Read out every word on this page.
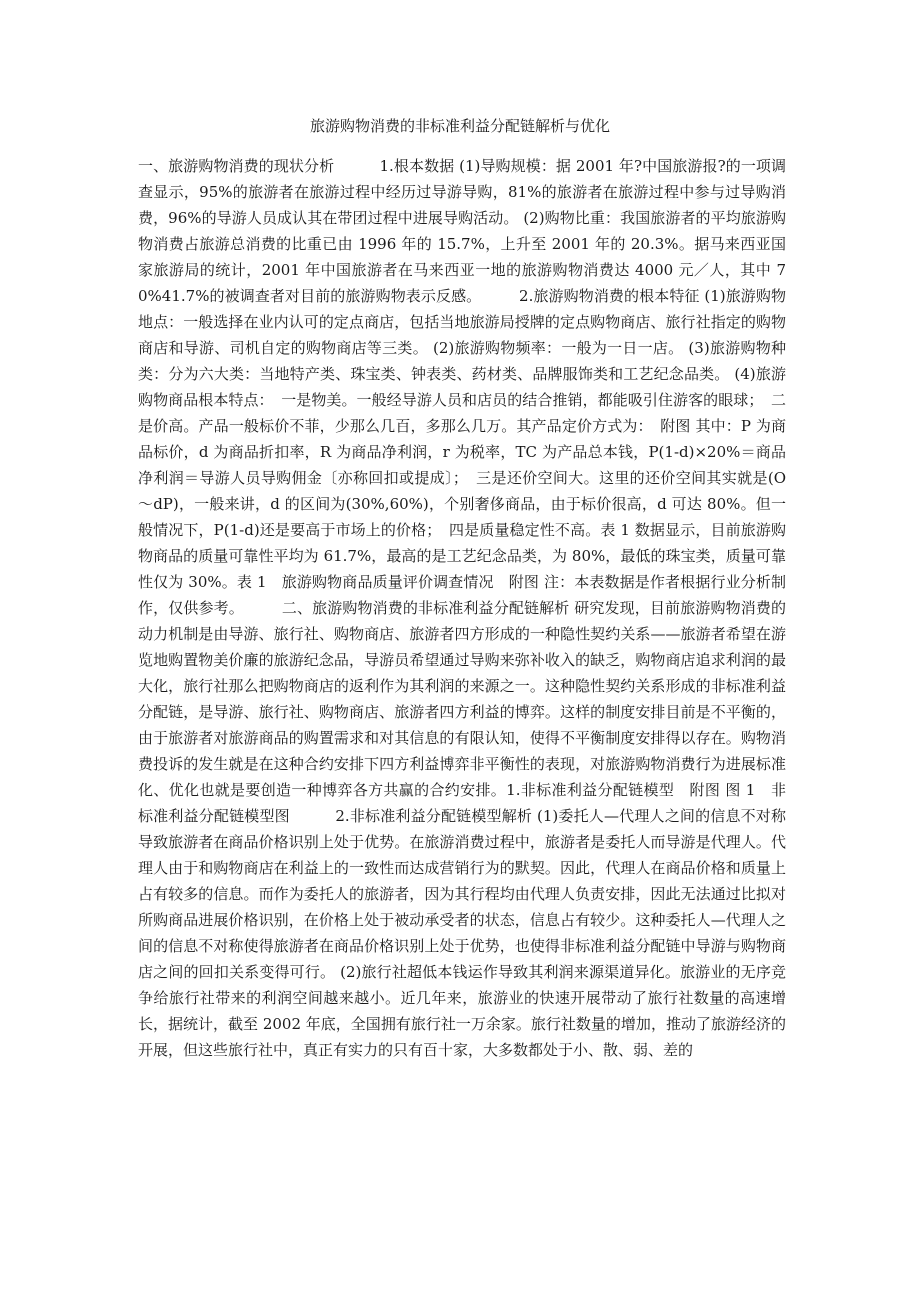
旅游购物消费的非标准利益分配链解析与优化

一、旅游购物消费的现状分析　　　1.根本数据 (1)导购规模：据 2001 年?中国旅游报?的一项调查显示，95%的旅游者在旅游过程中经历过导游导购，81%的旅游者在旅游过程中参与过导购消费，96%的导游人员成认其在带团过程中进展导购活动。 (2)购物比重：我国旅游者的平均旅游购物消费占旅游总消费的比重已由 1996 年的 15.7%，上升至 2001 年的 20.3%。据马来西亚国家旅游局的统计，2001 年中国旅游者在马来西亚一地的旅游购物消费达 4000 元／人，其中 70%41.7%的被调查者对目前的旅游购物表示反感。　　　2.旅游购物消费的根本特征 (1)旅游购物地点：一般选择在业内认可的定点商店，包括当地旅游局授牌的定点购物商店、旅行社指定的购物商店和导游、司机自定的购物商店等三类。 (2)旅游购物频率：一般为一日一店。 (3)旅游购物种类：分为六大类：当地特产类、珠宝类、钟表类、药材类、品牌服饰类和工艺纪念品类。 (4)旅游购物商品根本特点：　一是物美。一般经导游人员和店员的结合推销，都能吸引住游客的眼球；　二是价高。产品一般标价不菲，少那么几百，多那么几万。其产品定价方式为：　附图 其中：P 为商品标价，d 为商品折扣率，R 为商品净利润，r 为税率，TC 为产品总本钱，P(1-d)×20%＝商品净利润＝导游人员导购佣金〔亦称回扣或提成〕；　三是还价空间大。这里的还价空间其实就是(O～dP)，一般来讲，d 的区间为(30%,60%)，个别奢侈商品，由于标价很高，d 可达 80%。但一般情况下，P(1-d)还是要高于市场上的价格；　四是质量稳定性不高。表 1 数据显示，目前旅游购物商品的质量可靠性平均为 61.7%，最高的是工艺纪念品类，为 80%，最低的珠宝类，质量可靠性仅为 30%。表 1　旅游购物商品质量评价调查情况　附图 注：本表数据是作者根据行业分析制作，仅供参考。　　　二、旅游购物消费的非标准利益分配链解析 研究发现，目前旅游购物消费的动力机制是由导游、旅行社、购物商店、旅游者四方形成的一种隐性契约关系——旅游者希望在游览地购置物美价廉的旅游纪念品，导游员希望通过导购来弥补收入的缺乏，购物商店追求利润的最大化，旅行社那么把购物商店的返利作为其利润的来源之一。这种隐性契约关系形成的非标准利益分配链，是导游、旅行社、购物商店、旅游者四方利益的博弈。这样的制度安排目前是不平衡的，由于旅游者对旅游商品的购置需求和对其信息的有限认知，使得不平衡制度安排得以存在。购物消费投诉的发生就是在这种合约安排下四方利益博弈非平衡性的表现，对旅游购物消费行为进展标准化、优化也就是要创造一种博弈各方共赢的合约安排。1.非标准利益分配链模型　附图 图 1　非标准利益分配链模型图　　　2.非标准利益分配链模型解析 (1)委托人—代理人之间的信息不对称导致旅游者在商品价格识别上处于优势。在旅游消费过程中，旅游者是委托人而导游是代理人。代理人由于和购物商店在利益上的一致性而达成营销行为的默契。因此，代理人在商品价格和质量上占有较多的信息。而作为委托人的旅游者，因为其行程均由代理人负责安排，因此无法通过比拟对所购商品进展价格识别，在价格上处于被动承受者的状态，信息占有较少。这种委托人—代理人之间的信息不对称使得旅游者在商品价格识别上处于优势，也使得非标准利益分配链中导游与购物商店之间的回扣关系变得可行。 (2)旅行社超低本钱运作导致其利润来源渠道异化。旅游业的无序竞争给旅行社带来的利润空间越来越小。近几年来，旅游业的快速开展带动了旅行社数量的高速增长，据统计，截至 2002 年底，全国拥有旅行社一万余家。旅行社数量的增加，推动了旅游经济的开展，但这些旅行社中，真正有实力的只有百十家，大多数都处于小、散、弱、差的
